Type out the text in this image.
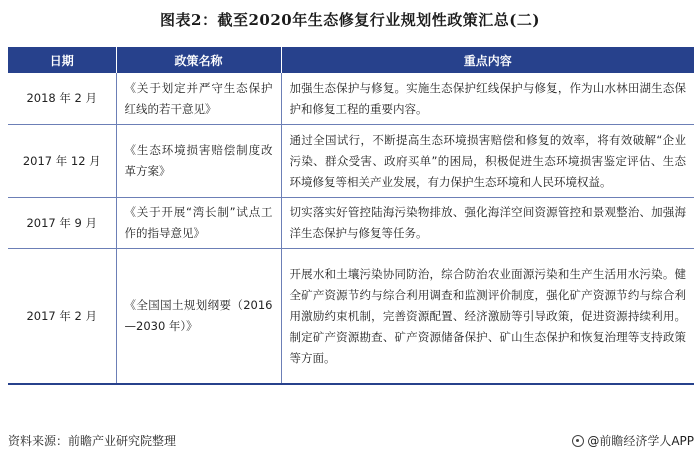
图表2：截至2020年生态修复行业规划性政策汇总(二)
日期	政策名称	重点内容
2018 年 2 月	《关于划定并严守生态保护红线的若干意见》	加强生态保护与修复。实施生态保护红线保护与修复，作为山水林田湖生态保护和修复工程的重要内容。
2017 年 12 月	《生态环境损害赔偿制度改革方案》	通过全国试行，不断提高生态环境损害赔偿和修复的效率，将有效破解“企业污染、群众受害、政府买单”的困局，积极促进生态环境损害鉴定评估、生态环境修复等相关产业发展，有力保护生态环境和人民环境权益。
2017 年 9 月	《关于开展“湾长制”试点工作的指导意见》	切实落实好管控陆海污染物排放、强化海洋空间资源管控和景观整治、加强海洋生态保护与修复等任务。
2017 年 2 月	《全国国土规划纲要（2016—2030 年）》	开展水和土壤污染协同防治，综合防治农业面源污染和生产生活用水污染。健全矿产资源节约与综合利用调查和监测评价制度，强化矿产资源节约与综合利用激励约束机制，完善资源配置、经济激励等引导政策，促进资源持续利用。制定矿产资源勘查、矿产资源储备保护、矿山生态保护和恢复治理等支持政策等方面。
资料来源：前瞻产业研究院整理	@前瞻经济学人APP
